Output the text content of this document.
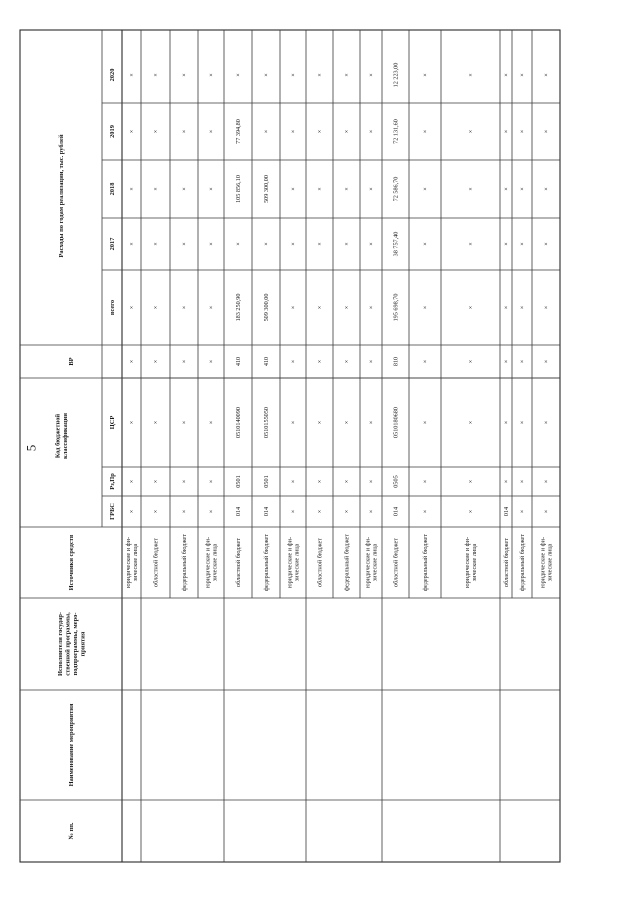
5
№ пп.
Наименование мероприятия
Исполнители государ- ственной программы, подпрограммы, меро- приятия
Источники средств
Код бюджетной классификации
ГРБС
Рз,Пр
ЦСР
ВР
Расходы по годам реализации, тыс. рублей
всего
2017
2018
2019
2020
юридические и фи- зические лица
×
×
×
×
×
×
×
×
×
областной бюджет
×
×
×
×
×
×
×
×
×
федеральный бюджет
×
×
×
×
×
×
×
×
×
юридические и фи- зические лица
×
×
×
×
×
×
×
×
×
областной бюджет
014
0501
0510140090
410
183 250,90
×
105 856,10
77 394,80
×
федеральный бюджет
014
0501
0510155050
410
509 300,00
×
509 300,00
×
×
юридические и фи- зические лица
×
×
×
×
×
×
×
×
×
областной бюджет
×
×
×
×
×
×
×
×
×
федеральный бюджет
×
×
×
×
×
×
×
×
×
юридические и фи- зические лица
×
×
×
×
×
×
×
×
×
областной бюджет
014
0505
0510180680
810
195 698,70
38 757,40
72 586,70
72 131,60
12 223,00
федеральный бюджет
×
×
×
×
×
×
×
×
×
юридические и фи- зические лица
×
×
×
×
×
×
×
×
×
областной бюджет
014
×
×
×
×
×
×
×
×
федеральный бюджет
×
×
×
×
×
×
×
×
×
юридические и фи- зические лица
×
×
×
×
×
×
×
×
×
